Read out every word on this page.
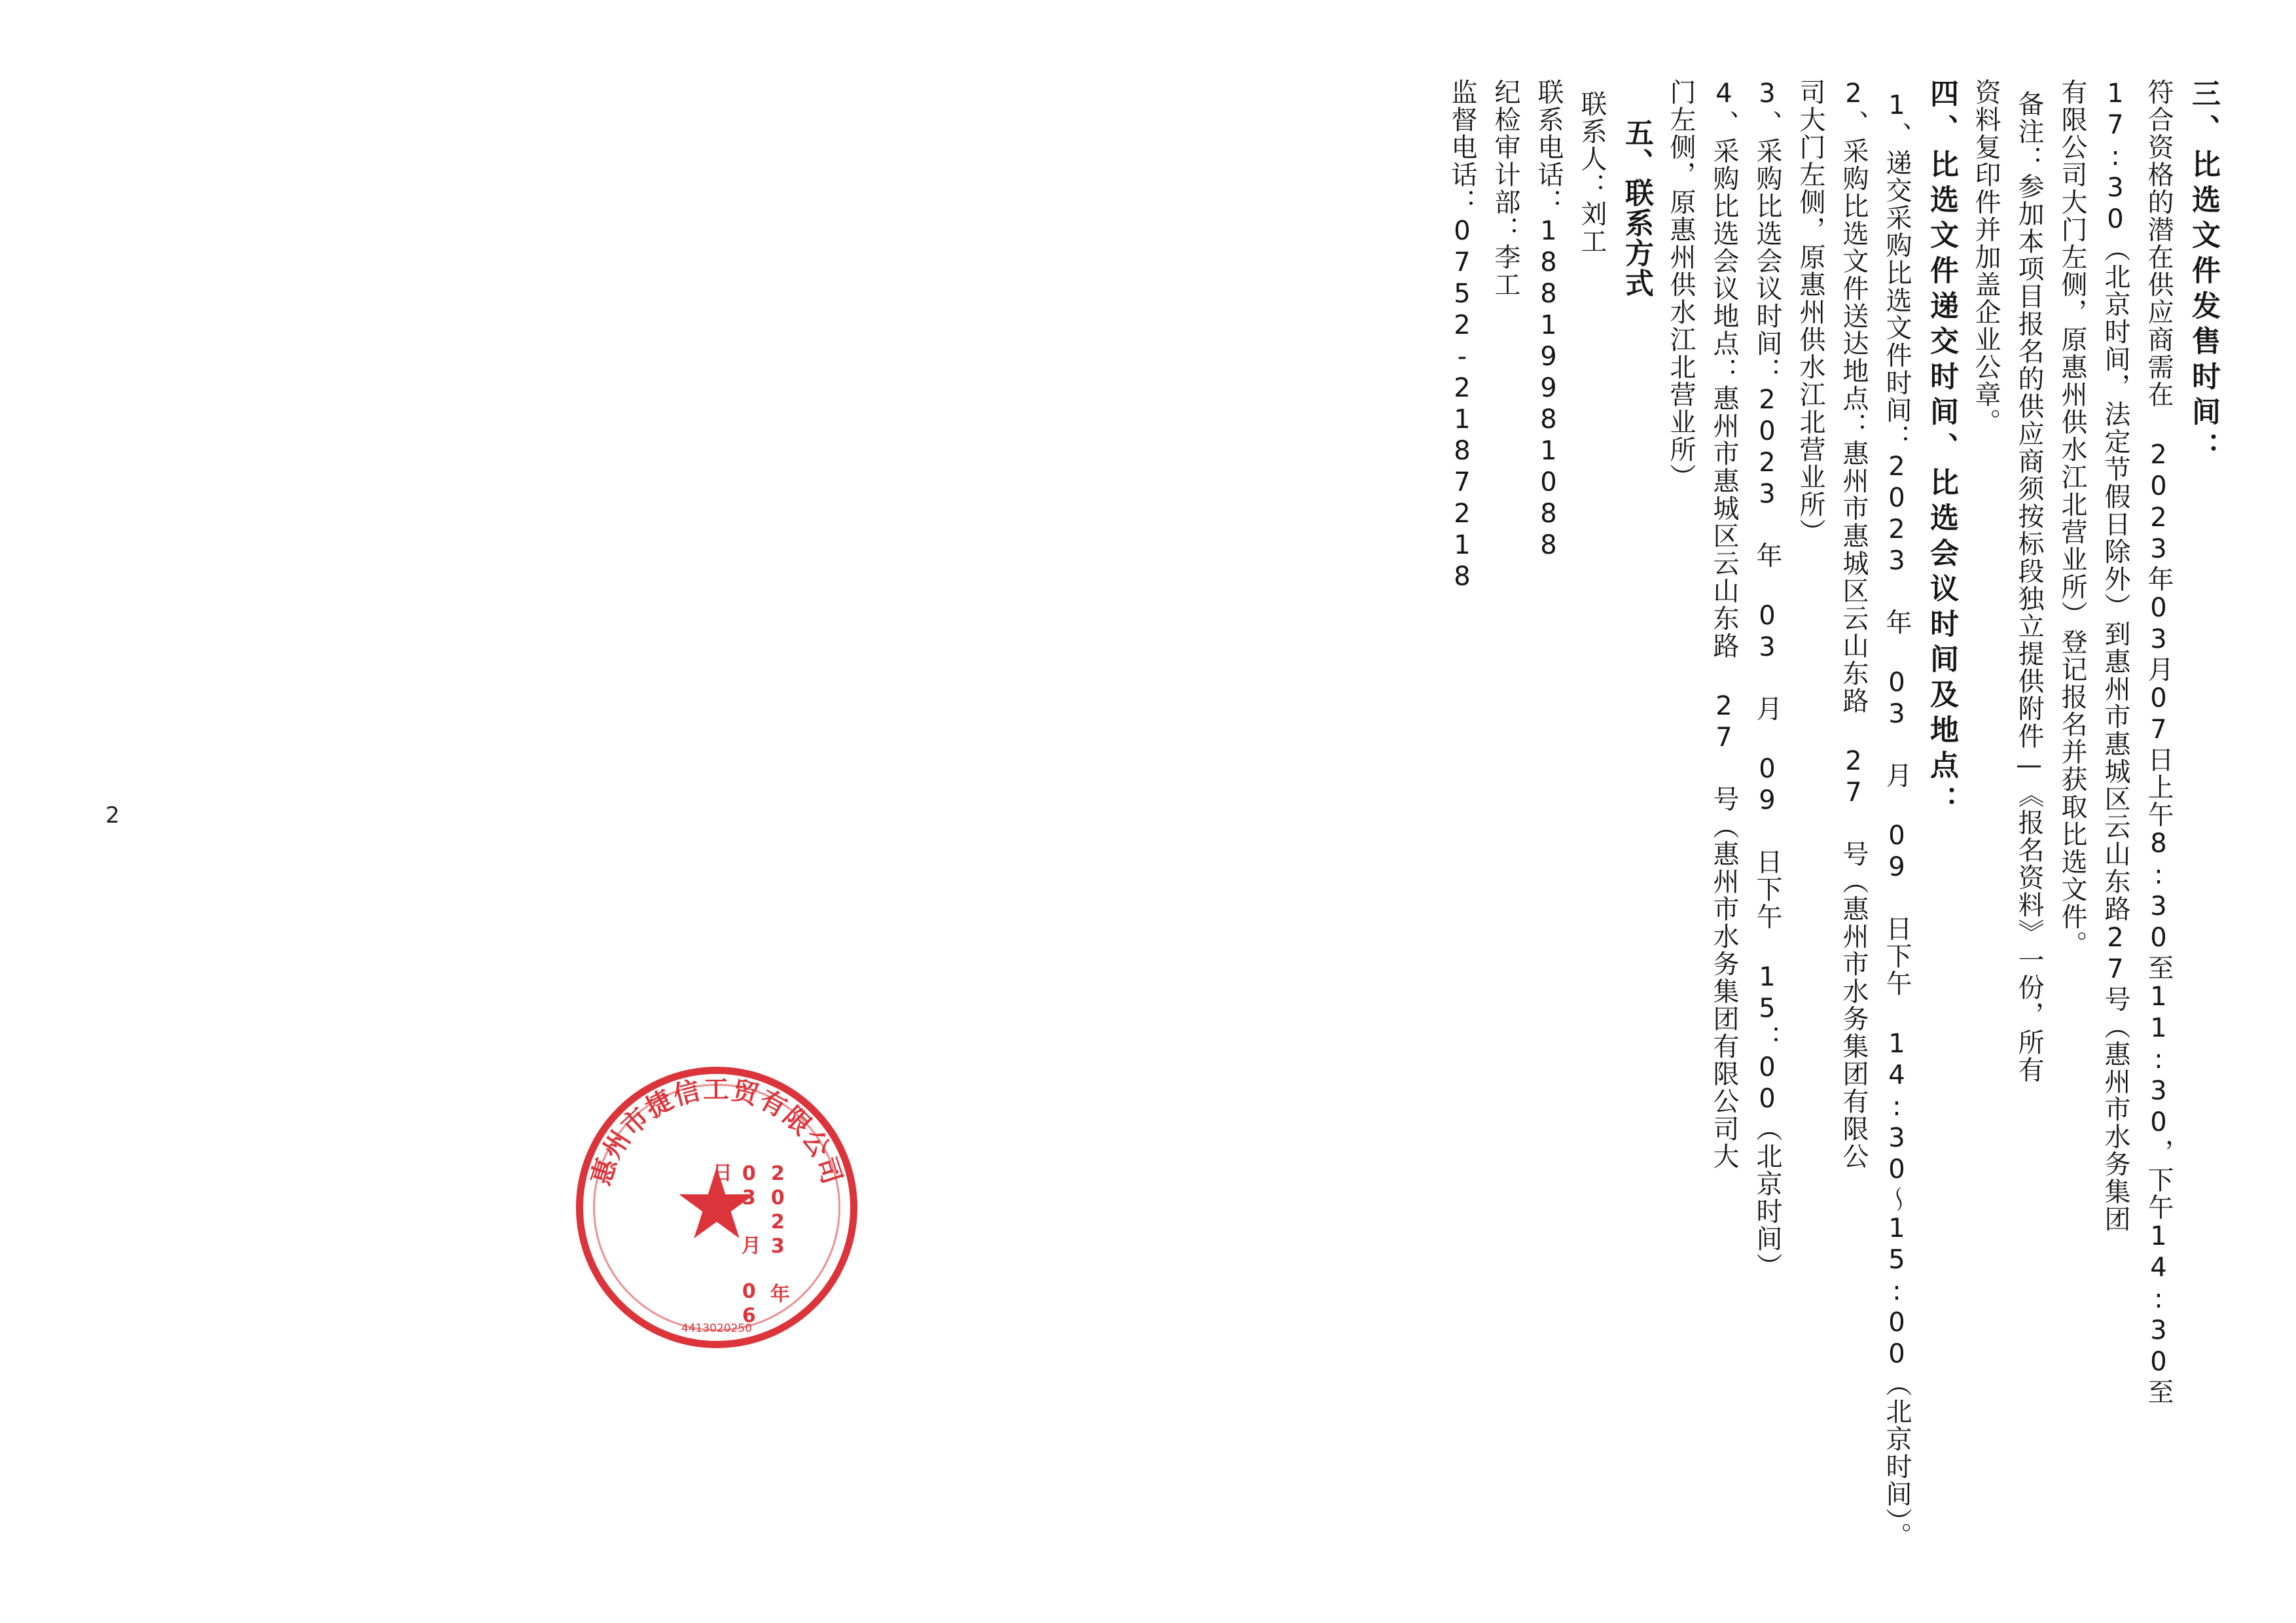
三、比选文件发售时间：
符合资格的潜在供应商需在 2023年03月07日上午8:30至11:30，下午14:30至
17:30（北京时间，法定节假日除外）到惠州市惠城区云山东路27号（惠州市水务集团
有限公司大门左侧，原惠州供水江北营业所）登记报名并获取比选文件。
备注：参加本项目报名的供应商须按标段独立提供附件—《报名资料》一份，所有
资料复印件并加盖企业公章。
四、比选文件递交时间、比选会议时间及地点：
1、递交采购比选文件时间：2023 年 03 月 09 日下午 14:30～15:00（北京时间）。
2、采购比选文件送达地点：惠州市惠城区云山东路 27 号（惠州市水务集团有限公
司大门左侧，原惠州供水江北营业所）
3、采购比选会议时间：2023 年 03 月 09 日下午 15：00（北京时间）
4、采购比选会议地点：惠州市惠城区云山东路 27 号（惠州市水务集团有限公司大
门左侧，原惠州供水江北营业所）
五、联系方式
联系人：刘工
联系电话：18819981088
纪检审计部：李工
监督电话：0752-2187218
2
惠州市捷信工贸有限公司
2023 年 03 月 06 日
4413020250
